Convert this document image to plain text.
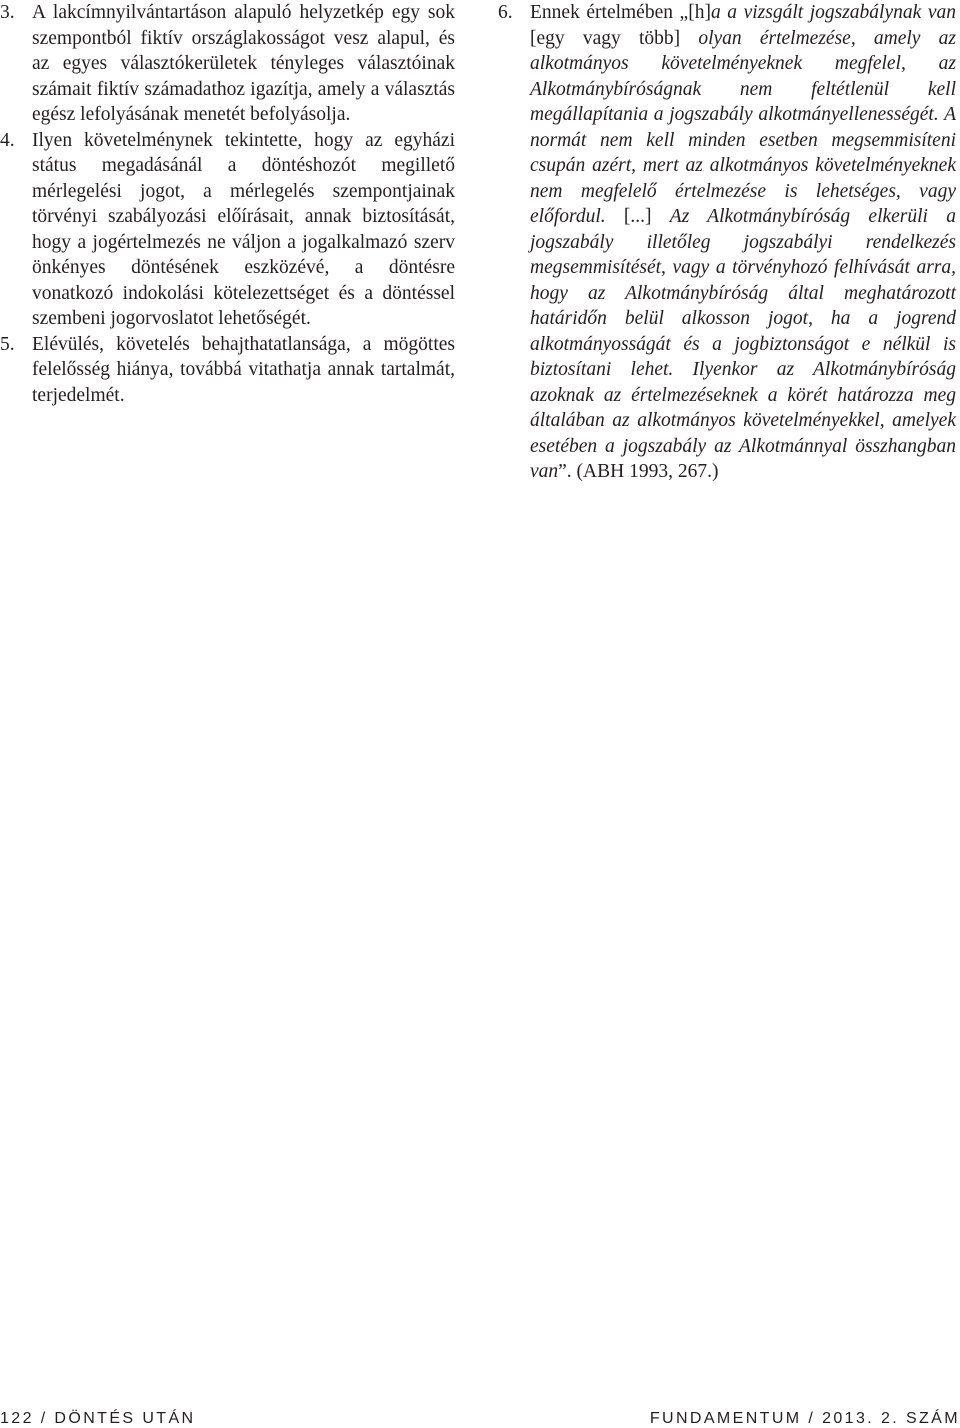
3. A lakcímnyilvántartáson alapuló helyzetkép egy sok szempontból fiktív országlakosságot vesz alapul, és az egyes választókerületek tényleges választóinak számait fiktív számadathoz igazítja, amely a választás egész lefolyásának menetét befolyásolja.
4. Ilyen követelménynek tekintette, hogy az egyházi státus megadásánál a döntéshozót megillető mérlegelési jogot, a mérlegelés szempontjainak törvényi szabályozási előírásait, annak biztosítását, hogy a jogértelmezés ne váljon a jogalkalmazó szerv önkényes döntésének eszközévé, a döntésre vonatkozó indokolási kötelezettséget és a döntéssel szembeni jogorvoslatot lehetőségét.
5. Elévülés, követelés behajthatatlansága, a mögöttes felelősség hiánya, továbbá vitathatja annak tartalmát, terjedelmét.
6. Ennek értelmében „[h]a a vizsgált jogszabálynak van [egy vagy több] olyan értelmezése, amely az alkotmányos követelményeknek megfelel, az Alkotmánybíróságnak nem feltétlenül kell megállapítania a jogszabály alkotmányellenességét. A normát nem kell minden esetben megsemmisíteni csupán azért, mert az alkotmányos követelményeknek nem megfelelő értelmezése is lehetséges, vagy előfordul. [...] Az Alkotmánybíróság elkerüli a jogszabály illetőleg jogszabályi rendelkezés megsemmisítését, vagy a törvényhozó felhívását arra, hogy az Alkotmánybíróság által meghatározott határidőn belül alkosson jogot, ha a jogrend alkotmányosságát és a jogbiztonságot e nélkül is biztosítani lehet. Ilyenkor az Alkotmánybíróság azoknak az értelmezéseknek a körét határozza meg általában az alkotmányos követelményekkel, amelyek esetében a jogszabály az Alkotmánnyal összhangban van”. (ABH 1993, 267.)
122 / DÖNTÉS UTÁN	FUNDAMENTUM / 2013. 2. SZÁM
